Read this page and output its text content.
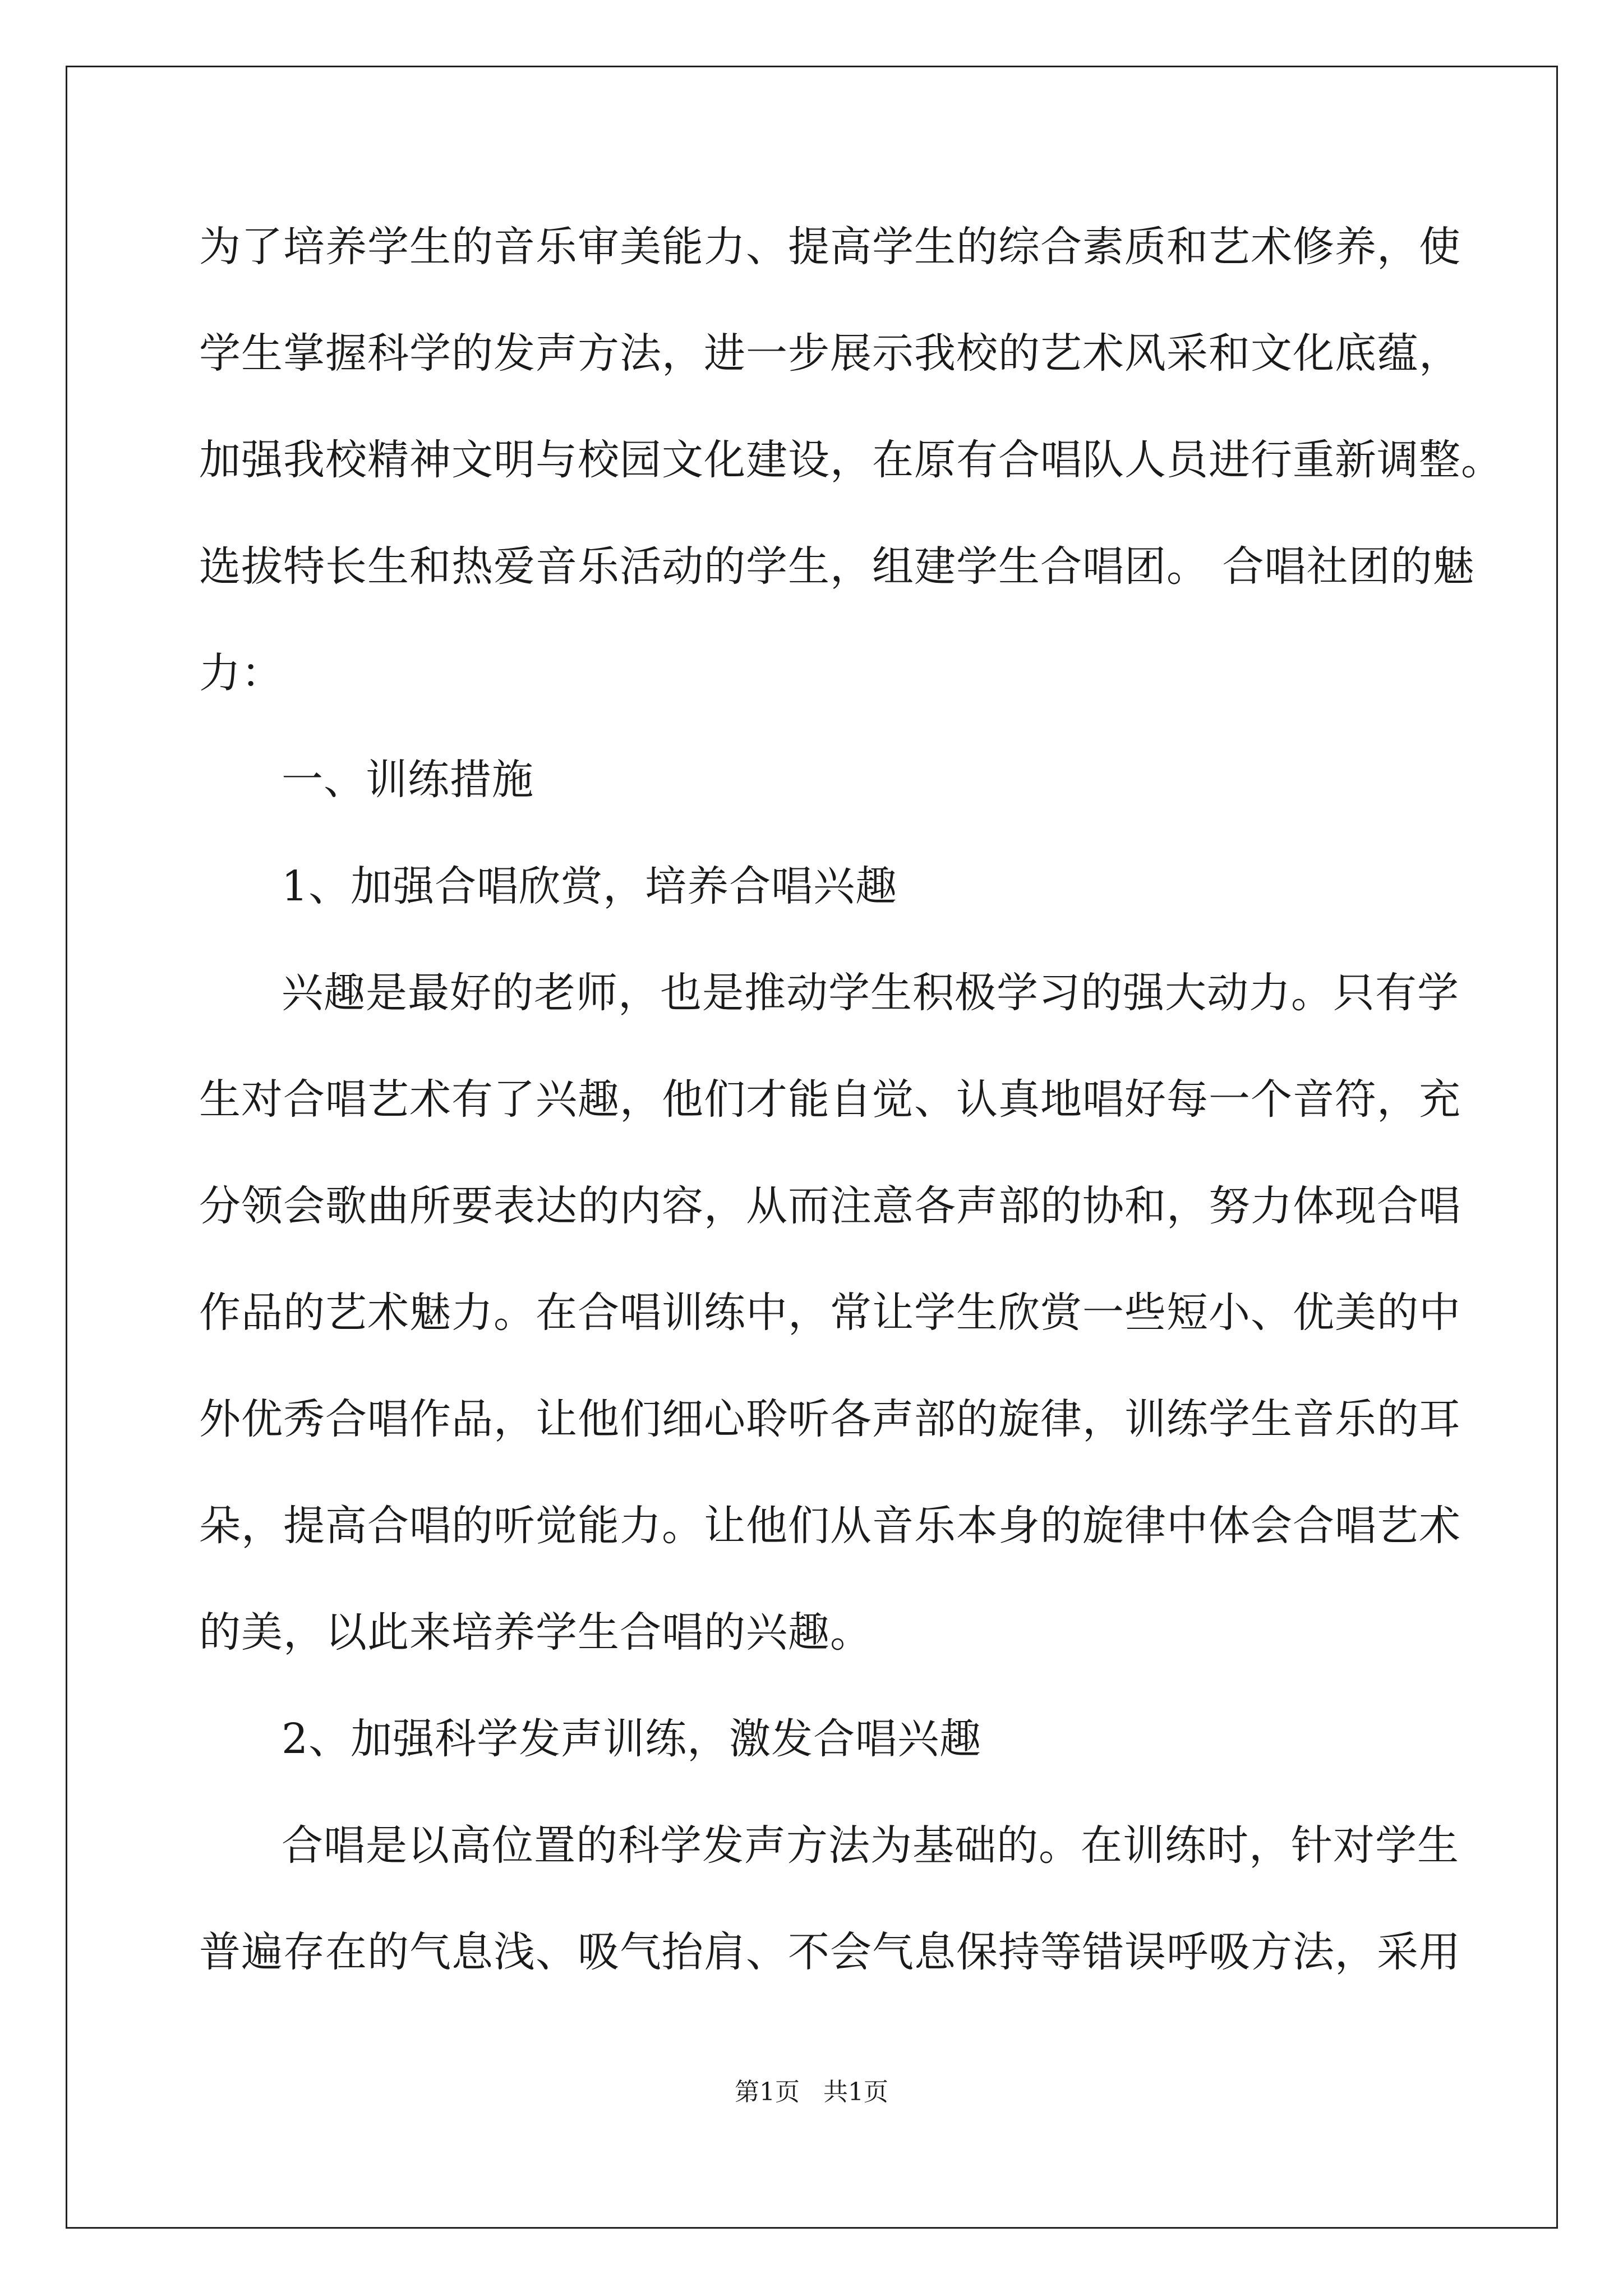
为了培养学生的音乐审美能力、提高学生的综合素质和艺术修养，使

学生掌握科学的发声方法，进一步展示我校的艺术风采和文化底蕴，

加强我校精神文明与校园文化建设，在原有合唱队人员进行重新调整。

选拔特长生和热爱音乐活动的学生，组建学生合唱团。 合唱社团的魅

力：

一、训练措施

1、加强合唱欣赏，培养合唱兴趣

兴趣是最好的老师，也是推动学生积极学习的强大动力。只有学

生对合唱艺术有了兴趣，他们才能自觉、认真地唱好每一个音符，充

分领会歌曲所要表达的内容，从而注意各声部的协和，努力体现合唱

作品的艺术魅力。在合唱训练中，常让学生欣赏一些短小、优美的中

外优秀合唱作品，让他们细心聆听各声部的旋律，训练学生音乐的耳

朵，提高合唱的听觉能力。让他们从音乐本身的旋律中体会合唱艺术

的美，以此来培养学生合唱的兴趣。

2、加强科学发声训练，激发合唱兴趣

合唱是以高位置的科学发声方法为基础的。在训练时，针对学生

普遍存在的气息浅、吸气抬肩、不会气息保持等错误呼吸方法，采用

第1页   共1页
